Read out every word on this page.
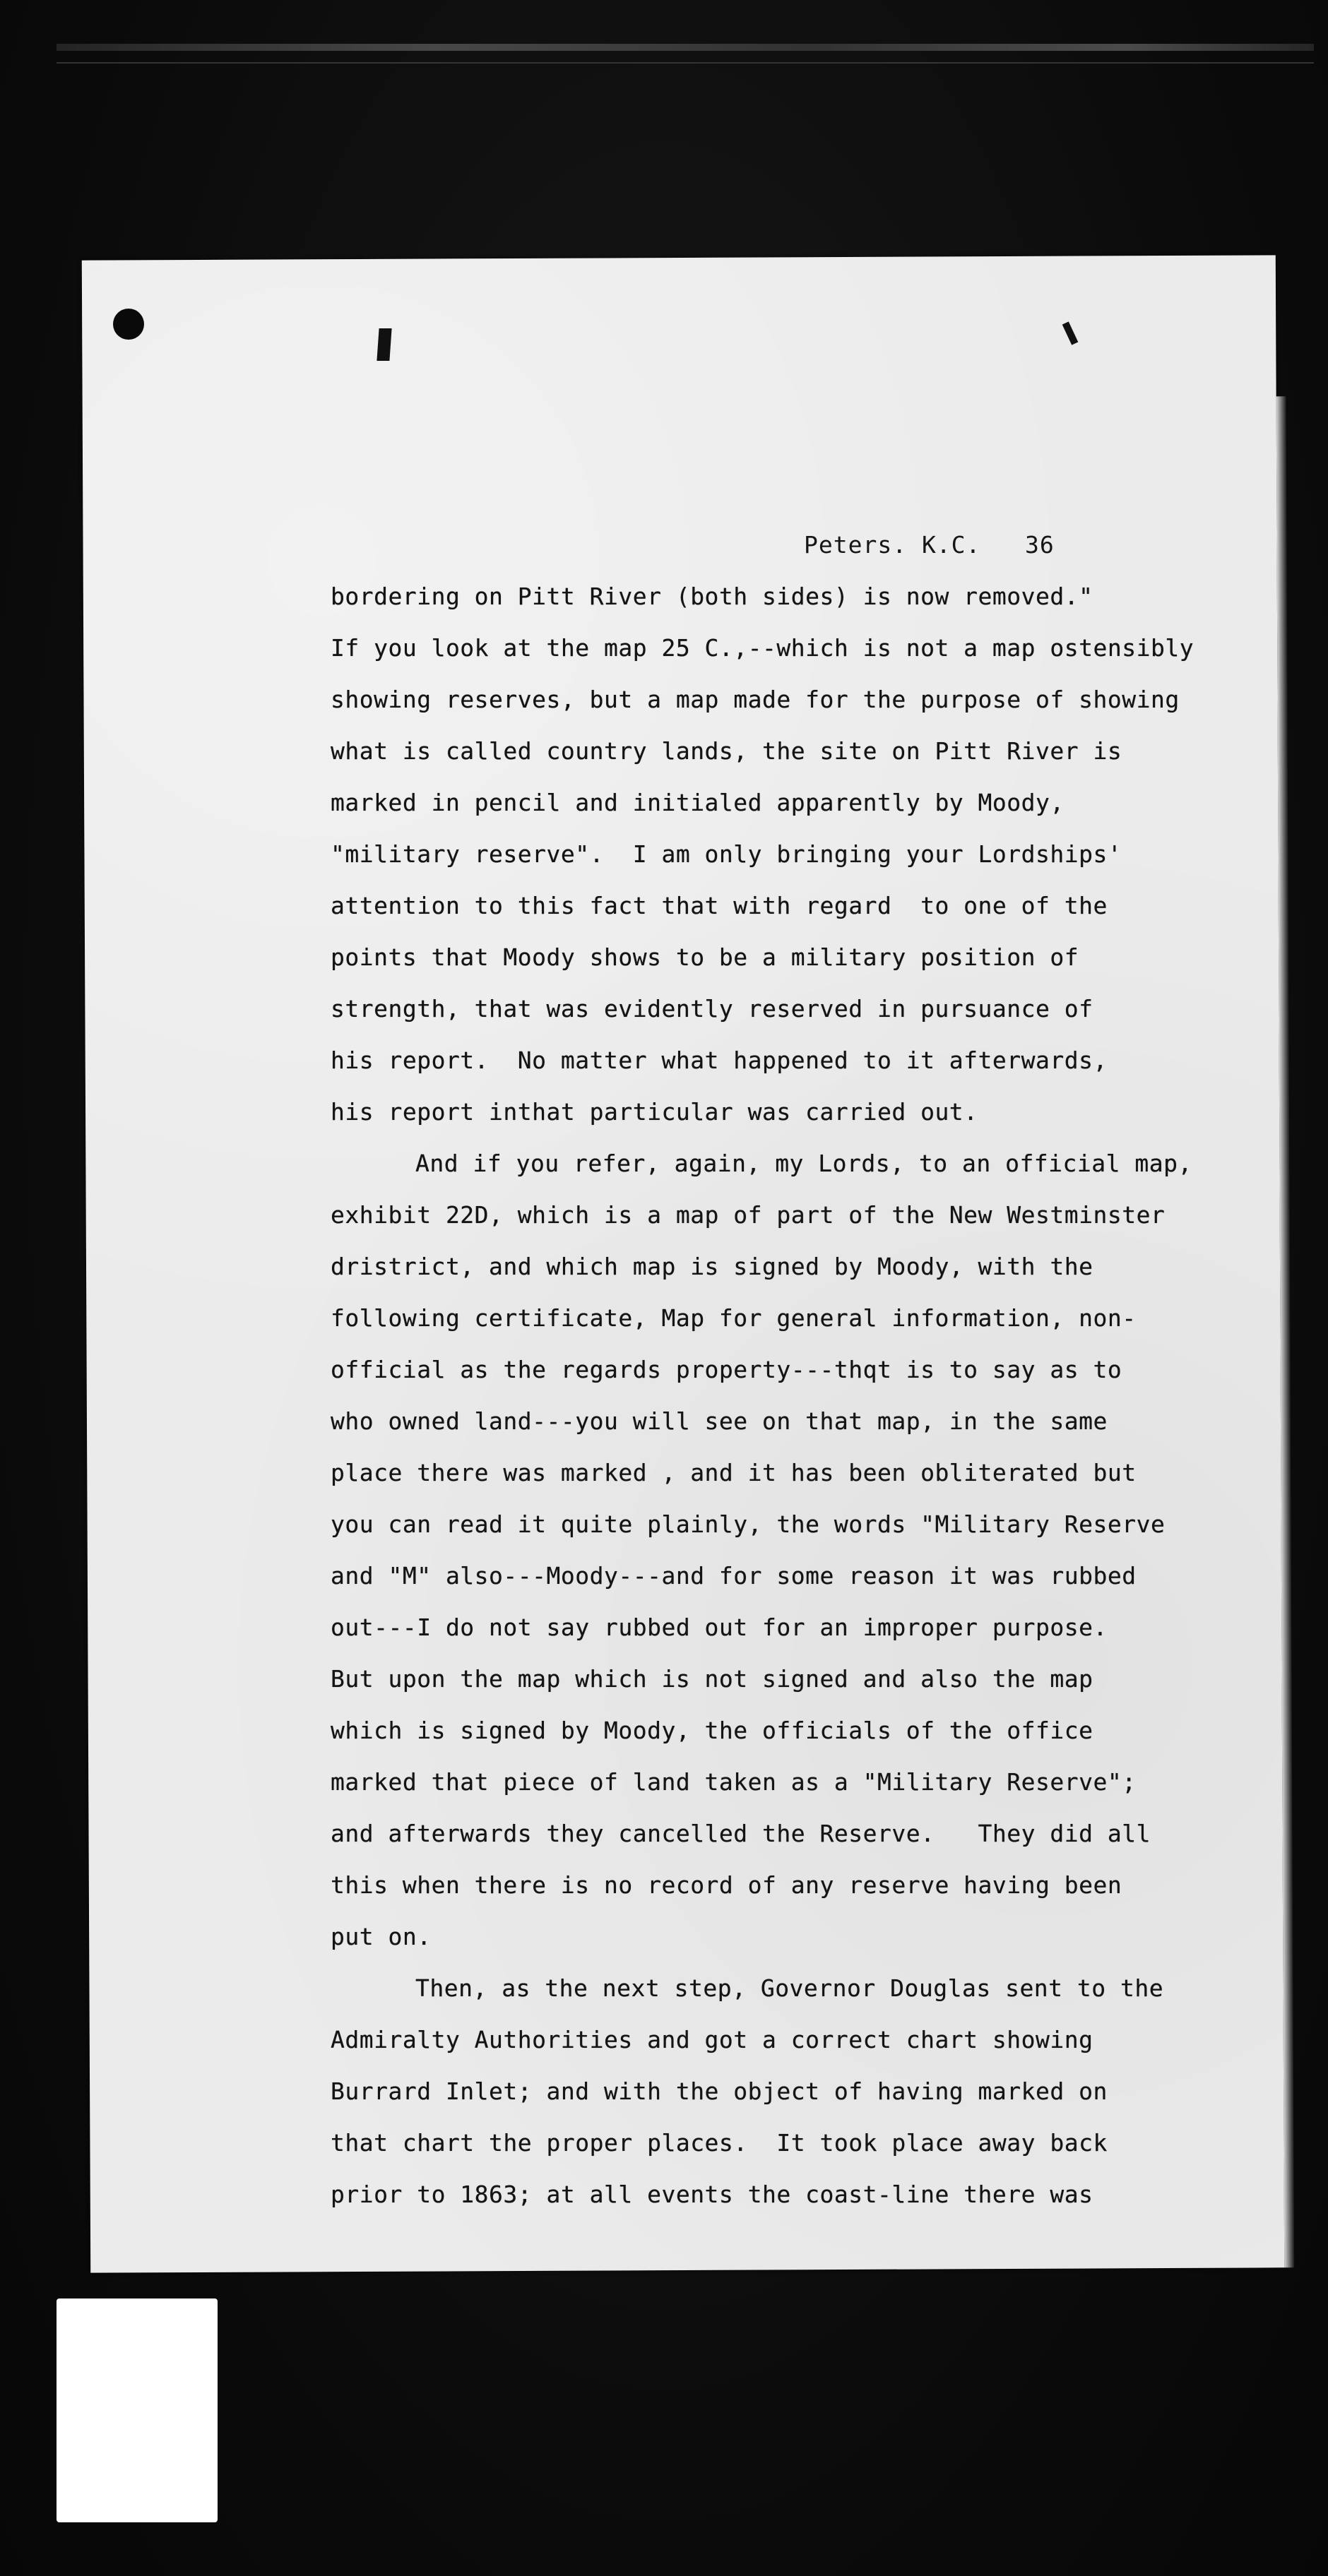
Peters. K.C.   36
bordering on Pitt River (both sides) is now removed."
If you look at the map 25 C.,--which is not a map ostensibly
showing reserves, but a map made for the purpose of showing
what is called country lands, the site on Pitt River is
marked in pencil and initialed apparently by Moody,
"military reserve".  I am only bringing your Lordships'
attention to this fact that with regard  to one of the
points that Moody shows to be a military position of
strength, that was evidently reserved in pursuance of
his report.  No matter what happened to it afterwards,
his report inthat particular was carried out.
And if you refer, again, my Lords, to an official map,
exhibit 22D, which is a map of part of the New Westminster
dristrict, and which map is signed by Moody, with the
following certificate, Map for general information, non-
official as the regards property---thqt is to say as to
who owned land---you will see on that map, in the same
place there was marked , and it has been obliterated but
you can read it quite plainly, the words "Military Reserve
and "M" also---Moody---and for some reason it was rubbed
out---I do not say rubbed out for an improper purpose.
But upon the map which is not signed and also the map
which is signed by Moody, the officials of the office
marked that piece of land taken as a "Military Reserve";
and afterwards they cancelled the Reserve.   They did all
this when there is no record of any reserve having been
put on.
Then, as the next step, Governor Douglas sent to the
Admiralty Authorities and got a correct chart showing
Burrard Inlet; and with the object of having marked on
that chart the proper places.  It took place away back
prior to 1863; at all events the coast-line there was
